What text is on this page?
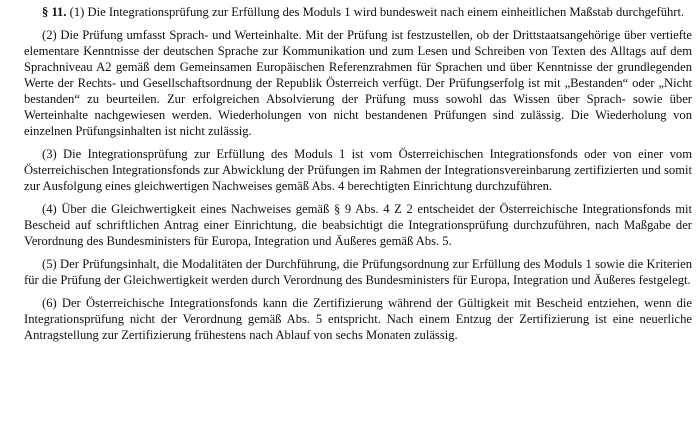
§ 11. (1) Die Integrationsprüfung zur Erfüllung des Moduls 1 wird bundesweit nach einem einheitlichen Maßstab durchgeführt.

(2) Die Prüfung umfasst Sprach- und Werteinhalte. Mit der Prüfung ist festzustellen, ob der Drittstaatsangehörige über vertiefte elementare Kenntnisse der deutschen Sprache zur Kommunikation und zum Lesen und Schreiben von Texten des Alltags auf dem Sprachniveau A2 gemäß dem Gemeinsamen Europäischen Referenzrahmen für Sprachen und über Kenntnisse der grundlegenden Werte der Rechts- und Gesellschaftsordnung der Republik Österreich verfügt. Der Prüfungserfolg ist mit „Bestanden“ oder „Nicht bestanden“ zu beurteilen. Zur erfolgreichen Absolvierung der Prüfung muss sowohl das Wissen über Sprach- sowie über Werteinhalte nachgewiesen werden. Wiederholungen von nicht bestandenen Prüfungen sind zulässig. Die Wiederholung von einzelnen Prüfungsinhalten ist nicht zulässig.

(3) Die Integrationsprüfung zur Erfüllung des Moduls 1 ist vom Österreichischen Integrationsfonds oder von einer vom Österreichischen Integrationsfonds zur Abwicklung der Prüfungen im Rahmen der Integrationsvereinbarung zertifizierten und somit zur Ausfolgung eines gleichwertigen Nachweises gemäß Abs. 4 berechtigten Einrichtung durchzuführen.

(4) Über die Gleichwertigkeit eines Nachweises gemäß § 9 Abs. 4 Z 2 entscheidet der Österreichische Integrationsfonds mit Bescheid auf schriftlichen Antrag einer Einrichtung, die beabsichtigt die Integrationsprüfung durchzuführen, nach Maßgabe der Verordnung des Bundesministers für Europa, Integration und Äußeres gemäß Abs. 5.

(5) Der Prüfungsinhalt, die Modalitäten der Durchführung, die Prüfungsordnung zur Erfüllung des Moduls 1 sowie die Kriterien für die Prüfung der Gleichwertigkeit werden durch Verordnung des Bundesministers für Europa, Integration und Äußeres festgelegt.

(6) Der Österreichische Integrationsfonds kann die Zertifizierung während der Gültigkeit mit Bescheid entziehen, wenn die Integrationsprüfung nicht der Verordnung gemäß Abs. 5 entspricht. Nach einem Entzug der Zertifizierung ist eine neuerliche Antragstellung zur Zertifizierung frühestens nach Ablauf von sechs Monaten zulässig.
